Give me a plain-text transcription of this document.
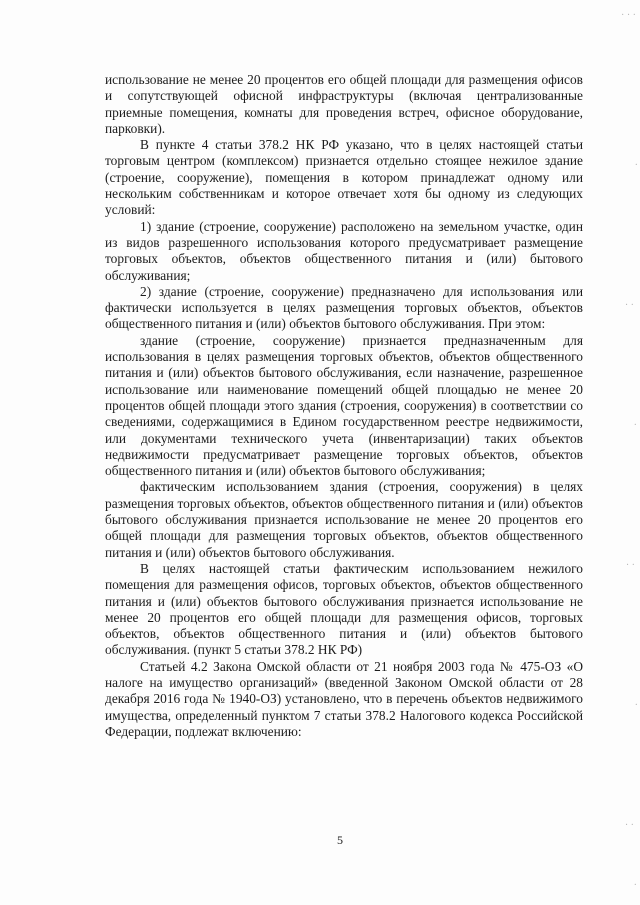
использование не менее 20 процентов его общей площади для размещения офисов и сопутствующей офисной инфраструктуры (включая централизованные приемные помещения, комнаты для проведения встреч, офисное оборудование, парковки).

В пункте 4 статьи 378.2 НК РФ указано, что в целях настоящей статьи торговым центром (комплексом) признается отдельно стоящее нежилое здание (строение, сооружение), помещения в котором принадлежат одному или нескольким собственникам и которое отвечает хотя бы одному из следующих условий:

1) здание (строение, сооружение) расположено на земельном участке, один из видов разрешенного использования которого предусматривает размещение торговых объектов, объектов общественного питания и (или) бытового обслуживания;

2) здание (строение, сооружение) предназначено для использования или фактически используется в целях размещения торговых объектов, объектов общественного питания и (или) объектов бытового обслуживания. При этом:

здание (строение, сооружение) признается предназначенным для использования в целях размещения торговых объектов, объектов общественного питания и (или) объектов бытового обслуживания, если назначение, разрешенное использование или наименование помещений общей площадью не менее 20 процентов общей площади этого здания (строения, сооружения) в соответствии со сведениями, содержащимися в Едином государственном реестре недвижимости, или документами технического учета (инвентаризации) таких объектов недвижимости предусматривает размещение торговых объектов, объектов общественного питания и (или) объектов бытового обслуживания;

фактическим использованием здания (строения, сооружения) в целях размещения торговых объектов, объектов общественного питания и (или) объектов бытового обслуживания признается использование не менее 20 процентов его общей площади для размещения торговых объектов, объектов общественного питания и (или) объектов бытового обслуживания.

В целях настоящей статьи фактическим использованием нежилого помещения для размещения офисов, торговых объектов, объектов общественного питания и (или) объектов бытового обслуживания признается использование не менее 20 процентов его общей площади для размещения офисов, торговых объектов, объектов общественного питания и (или) объектов бытового обслуживания. (пункт 5 статьи 378.2 НК РФ)

Статьей 4.2 Закона Омской области от 21 ноября 2003 года № 475-ОЗ «О налоге на имущество организаций» (введенной Законом Омской области от 28 декабря 2016 года № 1940-ОЗ) установлено, что в перечень объектов недвижимого имущества, определенный пунктом 7 статьи 378.2 Налогового кодекса Российской Федерации, подлежат включению:

5
· · ·
·
· ·
·
· ·
·
· ·
·
